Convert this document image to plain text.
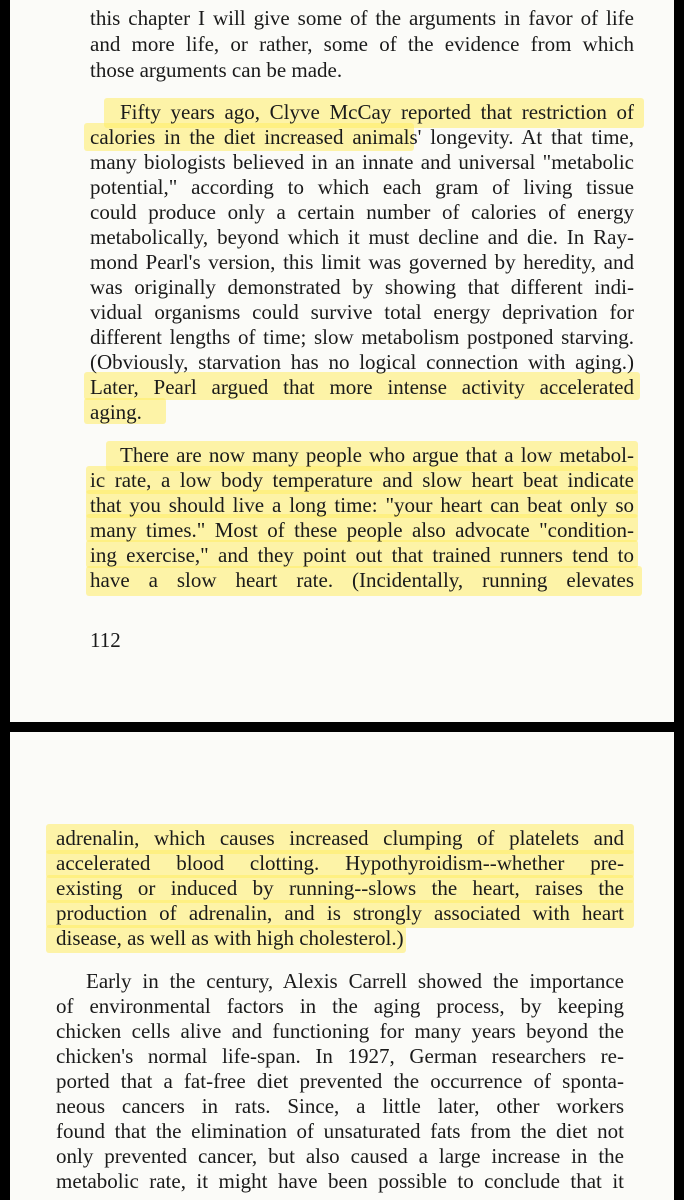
this chapter I will give some of the arguments in favor of life
and more life, or rather, some of the evidence from which
those arguments can be made.
Fifty years ago, Clyve McCay reported that restriction of
calories in the diet increased animals' longevity. At that time,
many biologists believed in an innate and universal "metabolic
potential," according to which each gram of living tissue
could produce only a certain number of calories of energy
metabolically, beyond which it must decline and die. In Ray-
mond Pearl's version, this limit was governed by heredity, and
was originally demonstrated by showing that different indi-
vidual organisms could survive total energy deprivation for
different lengths of time; slow metabolism postponed starving.
(Obviously, starvation has no logical connection with aging.)
Later, Pearl argued that more intense activity accelerated
aging.
There are now many people who argue that a low metabol-
ic rate, a low body temperature and slow heart beat indicate
that you should live a long time: "your heart can beat only so
many times." Most of these people also advocate "condition-
ing exercise," and they point out that trained runners tend to
have a slow heart rate. (Incidentally, running elevates
112
adrenalin, which causes increased clumping of platelets and
accelerated blood clotting. Hypothyroidism--whether pre-
existing or induced by running--slows the heart, raises the
production of adrenalin, and is strongly associated with heart
disease, as well as with high cholesterol.)
Early in the century, Alexis Carrell showed the importance
of environmental factors in the aging process, by keeping
chicken cells alive and functioning for many years beyond the
chicken's normal life-span. In 1927, German researchers re-
ported that a fat-free diet prevented the occurrence of sponta-
neous cancers in rats. Since, a little later, other workers
found that the elimination of unsaturated fats from the diet not
only prevented cancer, but also caused a large increase in the
metabolic rate, it might have been possible to conclude that it
